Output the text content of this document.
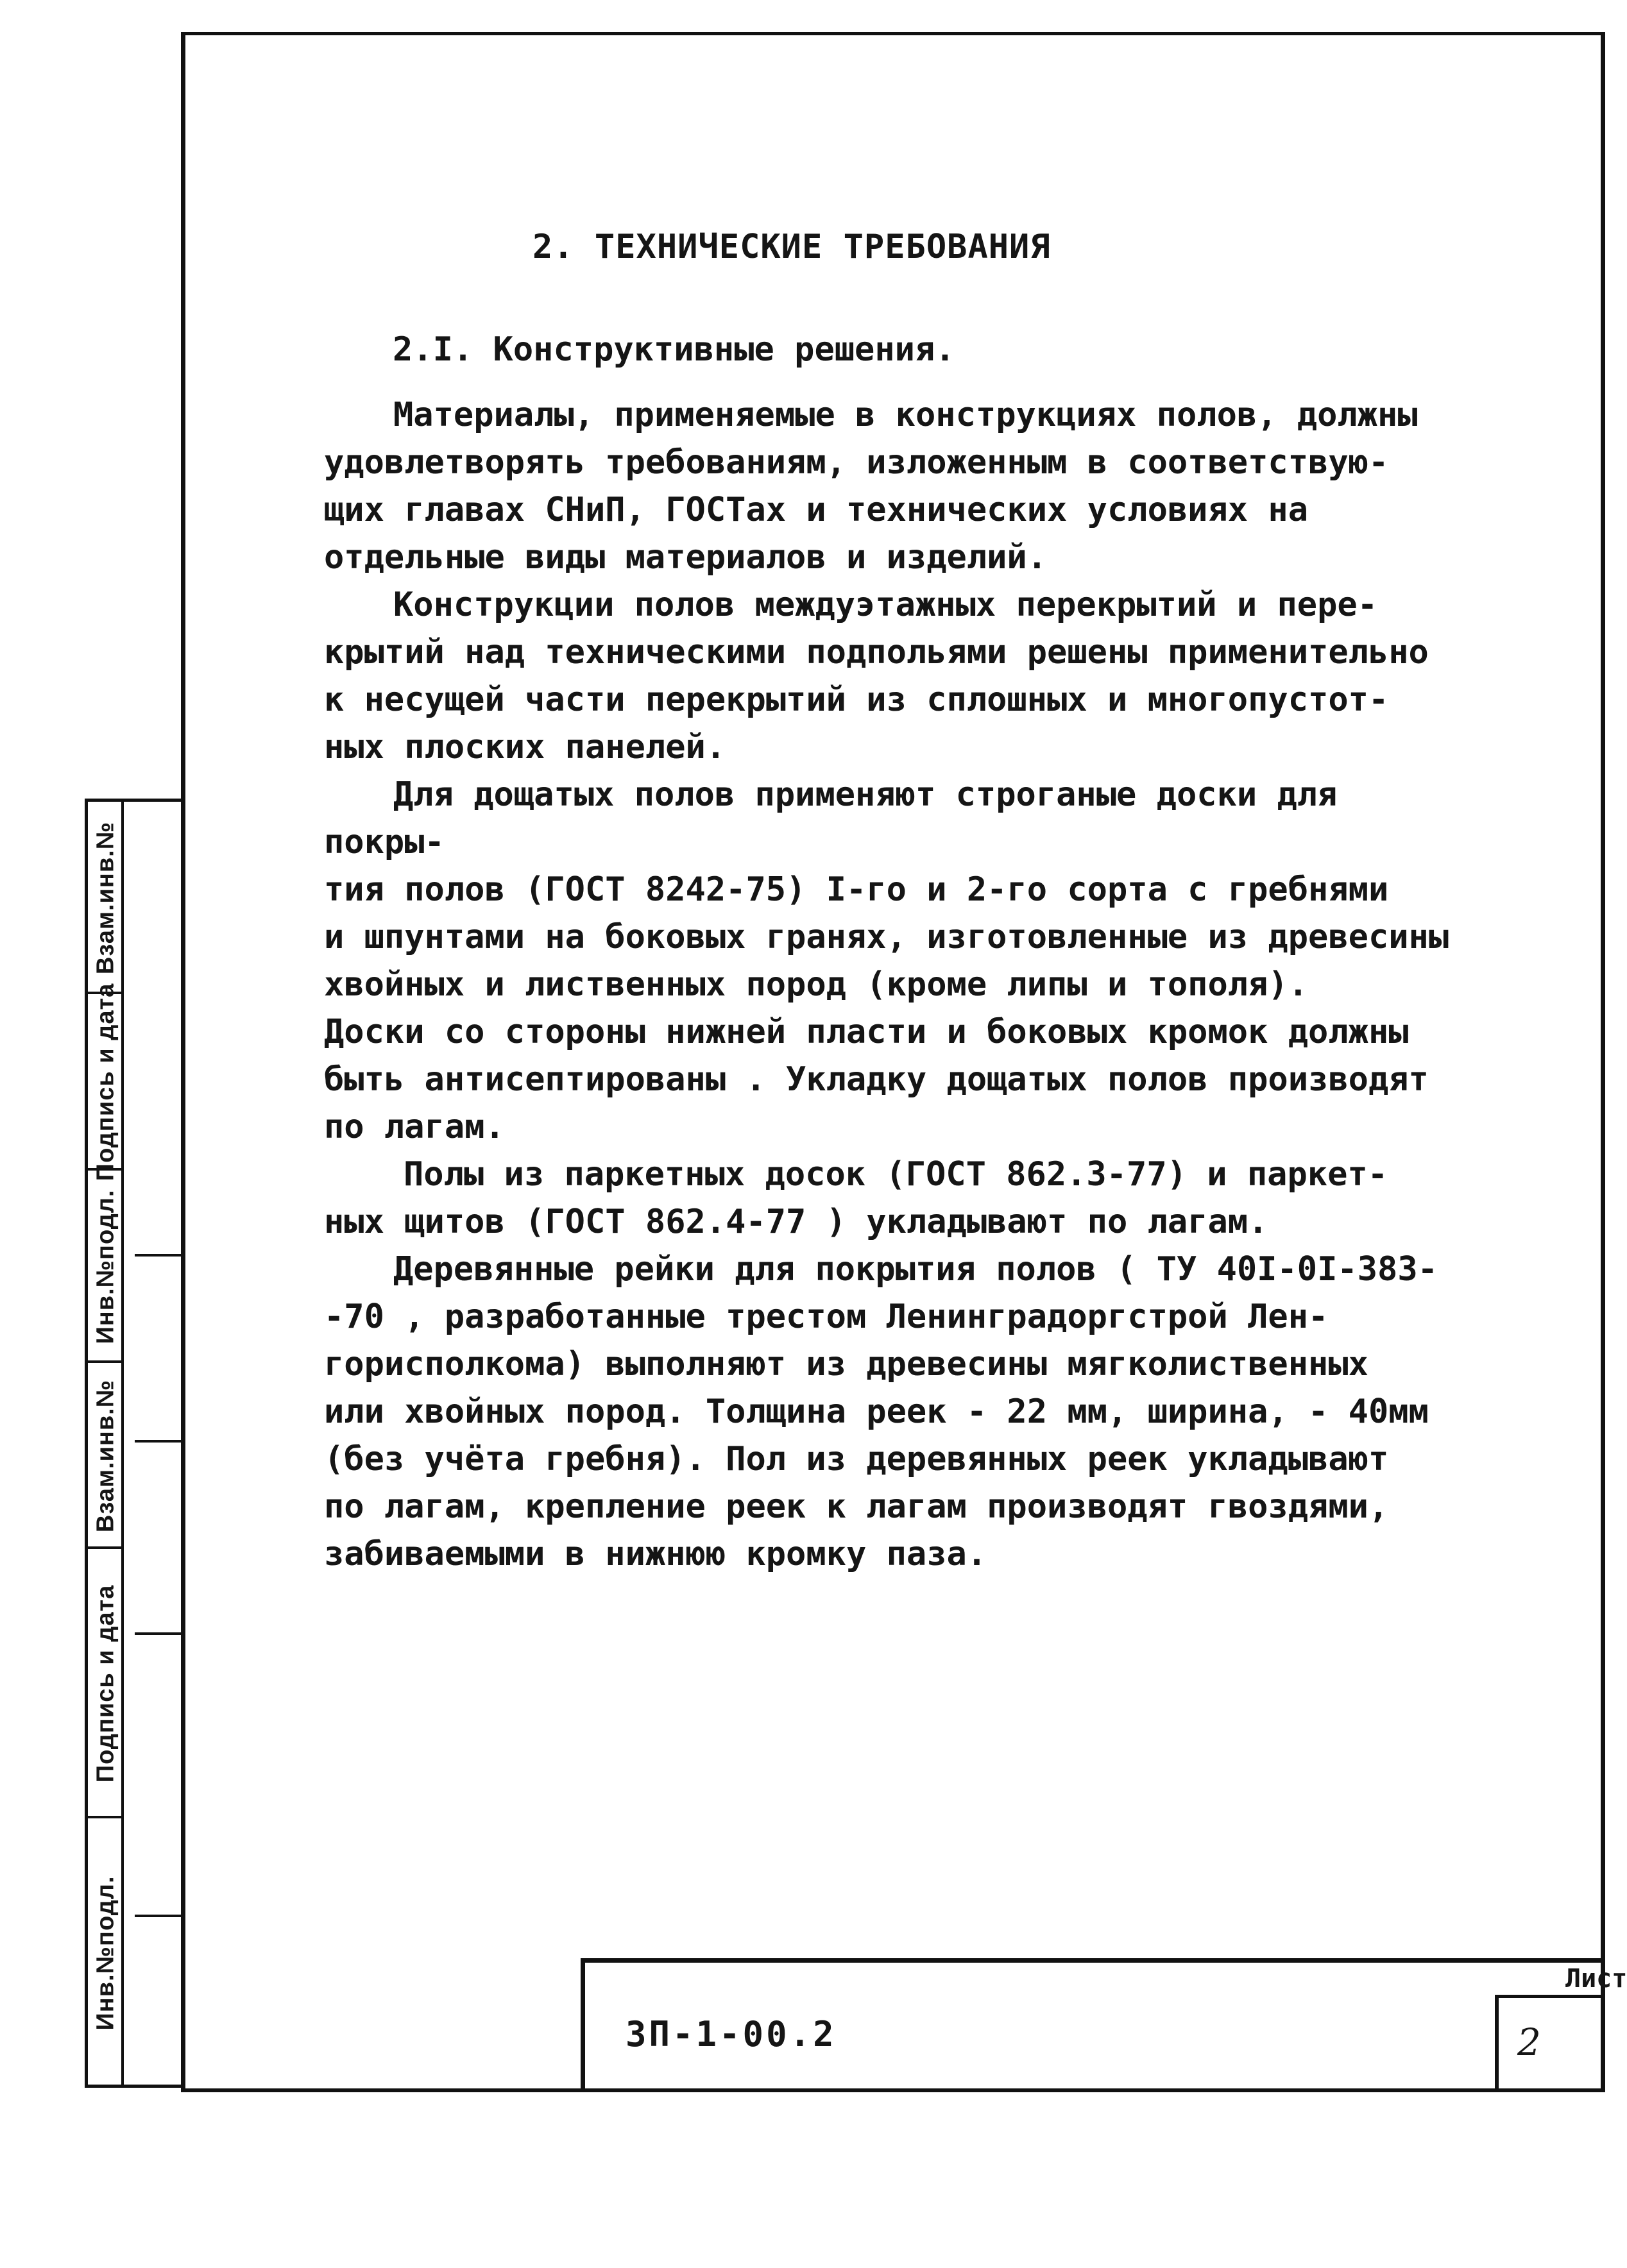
2. ТЕХНИЧЕСКИЕ ТРЕБОВАНИЯ
2.I. Конструктивные решения.

Материалы, применяемые в конструкциях полов, должны
удовлетворять требованиям, изложенным в соответствую-
щих главах СНиП, ГОСТах и технических условиях на
отдельные виды материалов и изделий.

Конструкции полов междуэтажных перекрытий и пере-
крытий над техническими подпольями решены применительно
к несущей части перекрытий из сплошных и многопустот-
ных плоских панелей.

Для дощатых полов применяют строганые доски для покры-
тия полов (ГОСТ 8242-75) I-го и 2-го сорта с гребнями
и шпунтами на боковых гранях, изготовленные из древесины
хвойных и лиственных пород (кроме липы и тополя).

Доски со стороны нижней пласти и боковых кромок должны
быть антисептированы . Укладку дощатых полов производят
по лагам.

Полы из паркетных досок (ГОСТ 862.3-77) и паркет-
ных щитов (ГОСТ 862.4-77 ) укладывают по лагам.

Деревянные рейки для покрытия полов ( ТУ 40I-0I-383-
-70 , разработанные трестом Ленинградоргстрой Лен-
горисполкома) выполняют из древесины мягколиственных
или хвойных пород. Толщина реек - 22 мм, ширина, - 40мм
(без учёта гребня). Пол из деревянных реек укладывают
по лагам, крепление реек к лагам производят гвоздями,
забиваемыми в нижнюю кромку паза.

Взам.инв.№
Подпись и дата
Инв.№подл.
Взам.инв.№
Подпись и дата
Инв.№подл.
ЗП-1-00.2
Лист
2
